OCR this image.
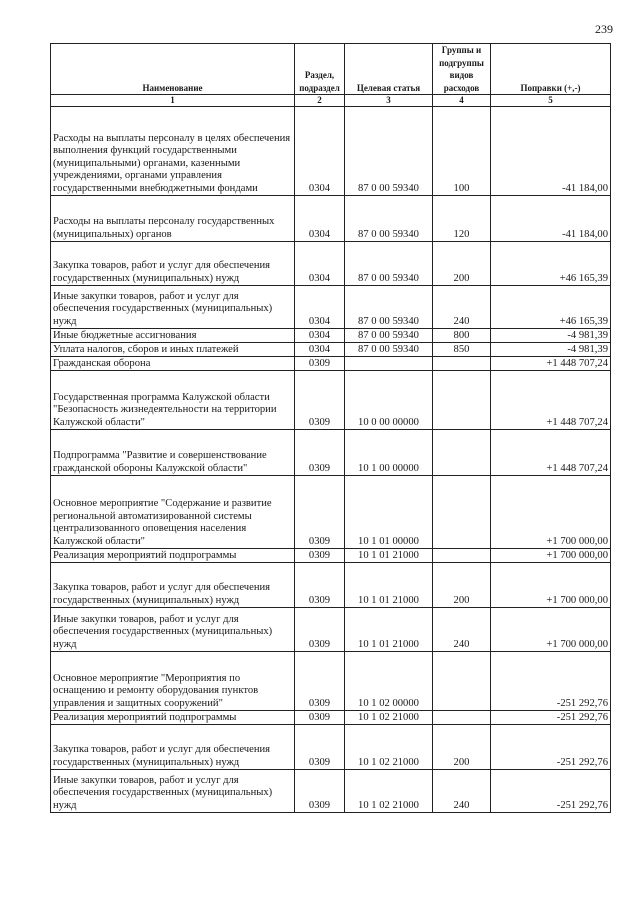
239
Наименование	Раздел, подраздел	Целевая статья	Группы и подгруппы видов расходов	Поправки (+,-)
1	2	3	4	5
Расходы на выплаты персоналу в целях обеспечения выполнения функций государственными (муниципальными) органами, казенными учреждениями, органами управления государственными внебюджетными фондами	0304	87 0 00 59340	100	-41 184,00
Расходы на выплаты персоналу государственных (муниципальных) органов	0304	87 0 00 59340	120	-41 184,00
Закупка товаров, работ и услуг для обеспечения государственных (муниципальных) нужд	0304	87 0 00 59340	200	+46 165,39
Иные закупки товаров, работ и услуг для обеспечения государственных (муниципальных) нужд	0304	87 0 00 59340	240	+46 165,39
Иные бюджетные ассигнования	0304	87 0 00 59340	800	-4 981,39
Уплата налогов, сборов и иных платежей	0304	87 0 00 59340	850	-4 981,39
Гражданская оборона	0309			+1 448 707,24
Государственная программа Калужской области "Безопасность жизнедеятельности на территории Калужской области"	0309	10 0 00 00000		+1 448 707,24
Подпрограмма "Развитие и совершенствование гражданской обороны Калужской области"	0309	10 1 00 00000		+1 448 707,24
Основное мероприятие "Содержание и развитие региональной автоматизированной системы централизованного оповещения населения Калужской области"	0309	10 1 01 00000		+1 700 000,00
Реализация мероприятий подпрограммы	0309	10 1 01 21000		+1 700 000,00
Закупка товаров, работ и услуг для обеспечения государственных (муниципальных) нужд	0309	10 1 01 21000	200	+1 700 000,00
Иные закупки товаров, работ и услуг для обеспечения государственных (муниципальных) нужд	0309	10 1 01 21000	240	+1 700 000,00
Основное мероприятие "Мероприятия по оснащению и ремонту оборудования пунктов управления и защитных сооружений"	0309	10 1 02 00000		-251 292,76
Реализация мероприятий подпрограммы	0309	10 1 02 21000		-251 292,76
Закупка товаров, работ и услуг для обеспечения государственных (муниципальных) нужд	0309	10 1 02 21000	200	-251 292,76
Иные закупки товаров, работ и услуг для обеспечения государственных (муниципальных) нужд	0309	10 1 02 21000	240	-251 292,76
